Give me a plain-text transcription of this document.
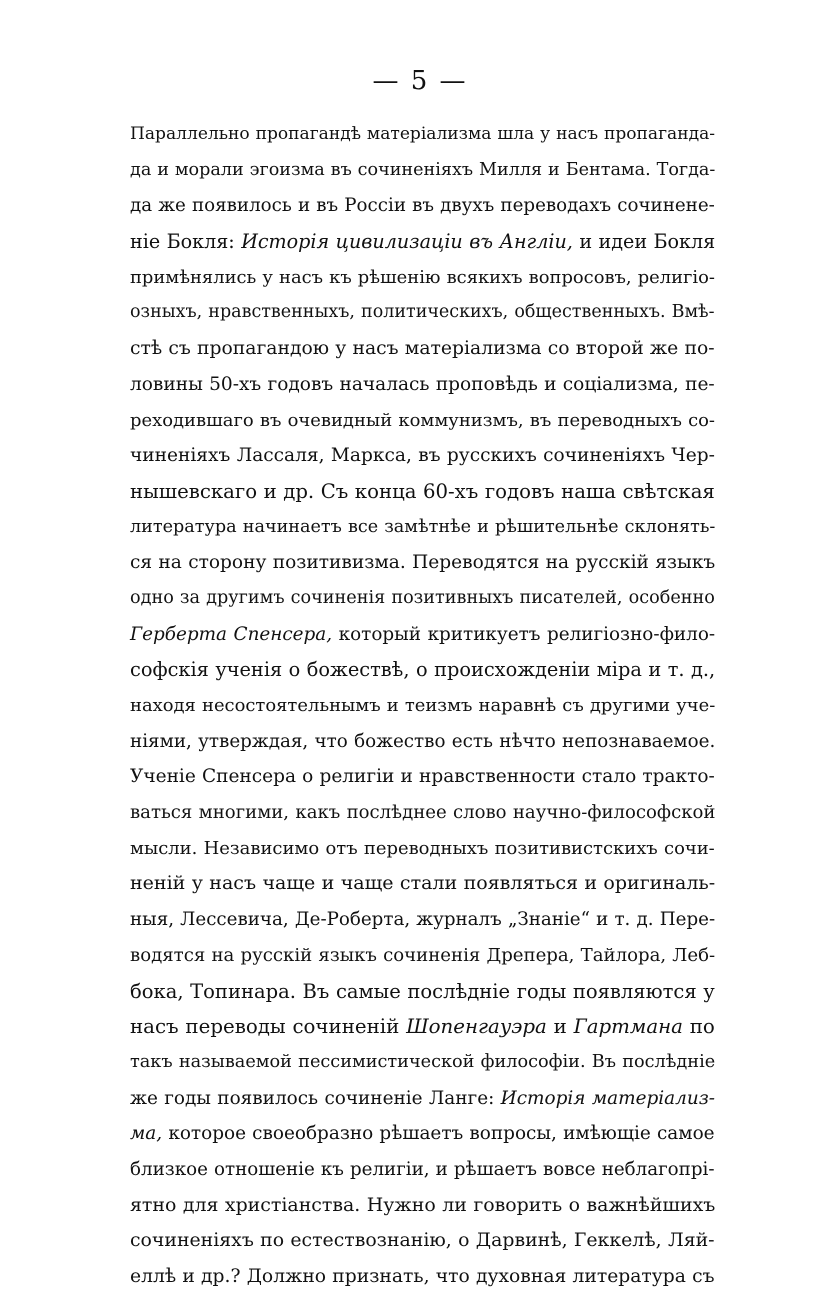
— 5 —
Параллельно пропагандѣ матеріализма шла у насъ пропаганда-
да и морали эгоизма въ сочиненіяхъ Милля и Бентама. Тогда-
да же появилось и въ Россіи въ двухъ переводахъ сочинене-
ніе Бокля: Исторія цивилизаціи въ Англіи, и идеи Бокля
примѣнялись у насъ къ рѣшенію всякихъ вопросовъ, религіо-
озныхъ, нравственныхъ, политическихъ, общественныхъ. Вмѣ-
стѣ съ пропагандою у насъ матеріализма со второй же по-
ловины 50-хъ годовъ началась проповѣдь и соціализма, пе-
реходившаго въ очевидный коммунизмъ, въ переводныхъ со-
чиненіяхъ Лассаля, Маркса, въ русскихъ сочиненіяхъ Чер-
нышевскаго и др. Съ конца 60-хъ годовъ наша свѣтская
литература начинаетъ все замѣтнѣе и рѣшительнѣе склонять-
ся на сторону позитивизма. Переводятся на русскій языкъ
одно за другимъ сочиненія позитивныхъ писателей, особенно
Герберта Спенсера, который критикуетъ религіозно-фило-
софскія ученія о божествѣ, о происхожденіи міра и т. д.,
находя несостоятельнымъ и теизмъ наравнѣ съ другими уче-
ніями, утверждая, что божество есть нѣчто непознаваемое.
Ученіе Спенсера о религіи и нравственности стало тракто-
ваться многими, какъ послѣднее слово научно-философской
мысли. Независимо отъ переводныхъ позитивистскихъ сочи-
неній у насъ чаще и чаще стали появляться и оригиналь-
ныя, Лессевича, Де-Роберта, журналъ „Знаніе“ и т. д. Пере-
водятся на русскій языкъ сочиненія Дрепера, Тайлора, Леб-
бока, Топинара. Въ самые послѣдніе годы появляются у
насъ переводы сочиненій Шопенгауэра и Гартмана по
такъ называемой пессимистической философіи. Въ послѣдніе
же годы появилось сочиненіе Ланге: Исторія матеріализ-
ма, которое своеобразно рѣшаетъ вопросы, имѣющіе самое
близкое отношеніе къ религіи, и рѣшаетъ вовсе неблагопрі-
ятно для христіанства. Нужно ли говорить о важнѣйшихъ
сочиненіяхъ по естествознанію, о Дарвинѣ, Геккелѣ, Ляй-
еллѣ и др.? Должно признать, что духовная литература съ
